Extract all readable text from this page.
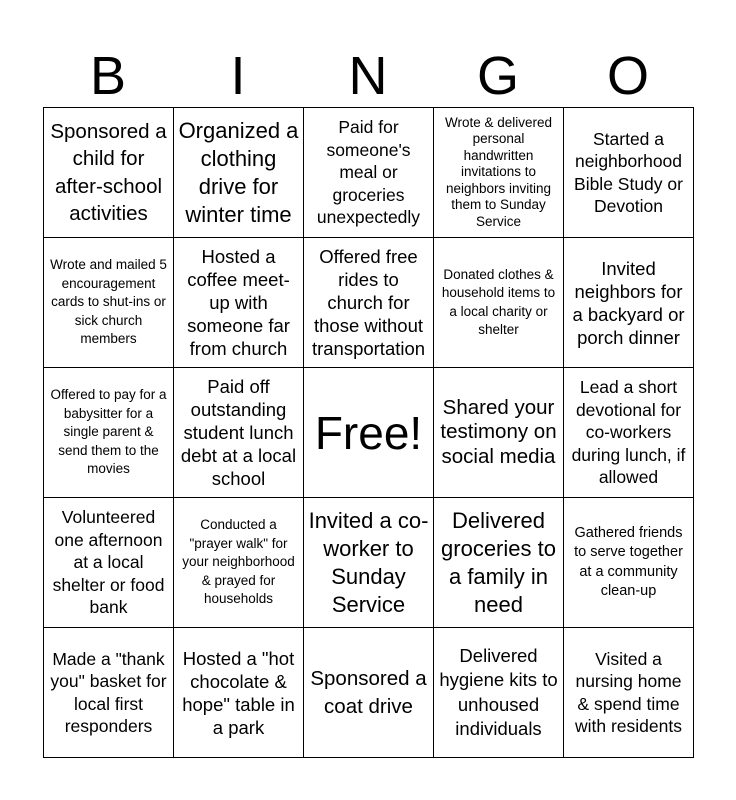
B	I	N	G	O
Sponsored a child for after-school activities	Organized a clothing drive for winter time	Paid for someone's meal or groceries unexpectedly	Wrote & delivered personal handwritten invitations to neighbors inviting them to Sunday Service	Started a neighborhood Bible Study or Devotion

Wrote and mailed 5 encouragement cards to shut-ins or sick church members	Hosted a coffee meet-up with someone far from church	Offered free rides to church for those without transportation	Donated clothes & household items to a local charity or shelter	Invited neighbors for a backyard or porch dinner

Offered to pay for a babysitter for a single parent & send them to the movies	Paid off outstanding student lunch debt at a local school	Free!	Shared your testimony on social media	Lead a short devotional for co-workers during lunch, if allowed

Volunteered one afternoon at a local shelter or food bank	Conducted a "prayer walk" for your neighborhood & prayed for households	Invited a co-worker to Sunday Service	Delivered groceries to a family in need	Gathered friends to serve together at a community clean-up

Made a "thank you" basket for local first responders	Hosted a "hot chocolate & hope" table in a park	Sponsored a coat drive	Delivered hygiene kits to unhoused individuals	Visited a nursing home & spend time with residents
